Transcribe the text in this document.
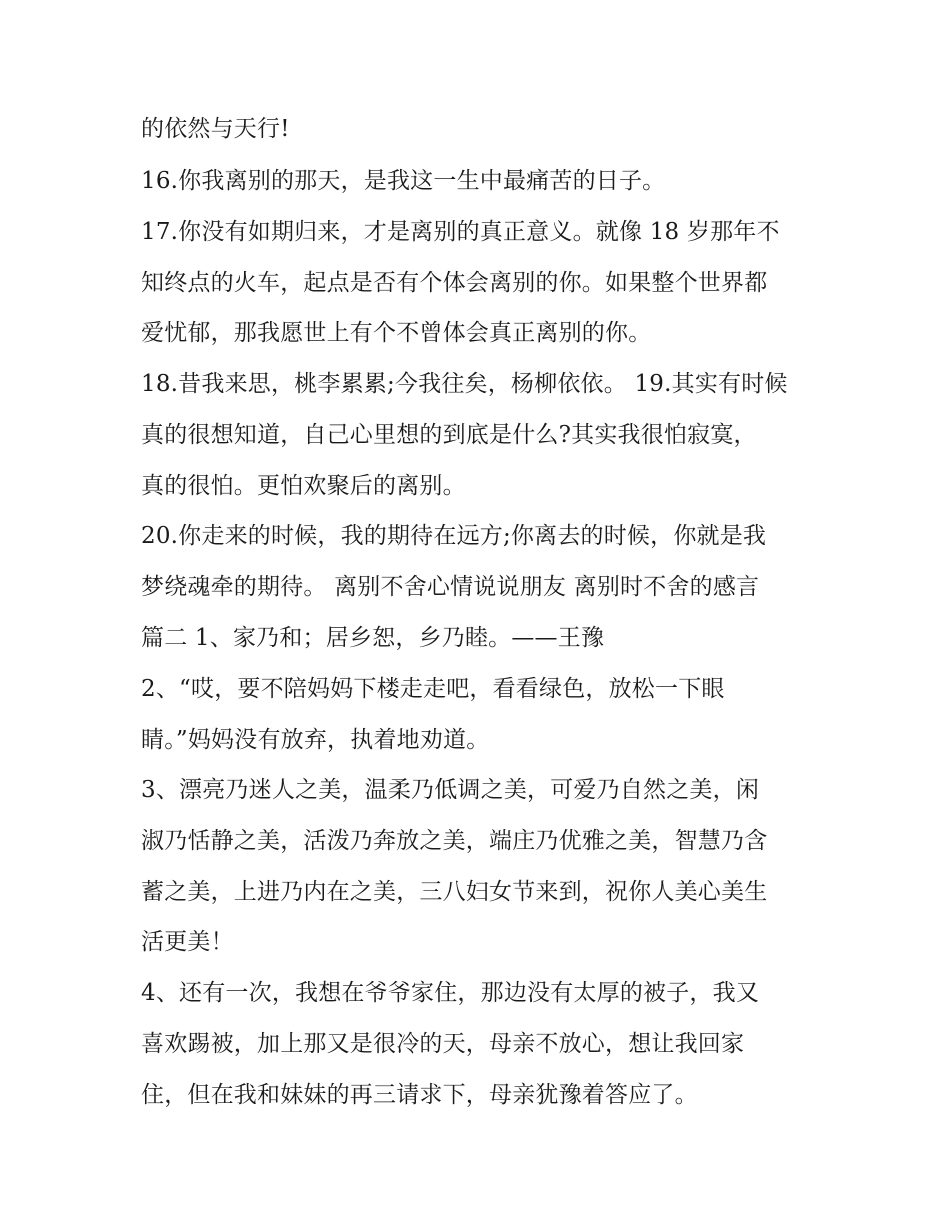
的依然与天行!
16.你我离别的那天，是我这一生中最痛苦的日子。
17.你没有如期归来，才是离别的真正意义。就像 18 岁那年不
知终点的火车，起点是否有个体会离别的你。如果整个世界都
爱忧郁，那我愿世上有个不曾体会真正离别的你。
18.昔我来思，桃李累累;今我往矣，杨柳依依。 19.其实有时候
真的很想知道，自己心里想的到底是什么?其实我很怕寂寞，
真的很怕。更怕欢聚后的离别。
20.你走来的时候，我的期待在远方;你离去的时候，你就是我
梦绕魂牵的期待。 离别不舍心情说说朋友 离别时不舍的感言
篇二 1、家乃和；居乡恕，乡乃睦。——王豫
2、“哎，要不陪妈妈下楼走走吧，看看绿色，放松一下眼
睛。”妈妈没有放弃，执着地劝道。
3、漂亮乃迷人之美，温柔乃低调之美，可爱乃自然之美，闲
淑乃恬静之美，活泼乃奔放之美，端庄乃优雅之美，智慧乃含
蓄之美，上进乃内在之美，三八妇女节来到，祝你人美心美生
活更美！
4、还有一次，我想在爷爷家住，那边没有太厚的被子，我又
喜欢踢被，加上那又是很冷的天，母亲不放心，想让我回家
住，但在我和妹妹的再三请求下，母亲犹豫着答应了。
